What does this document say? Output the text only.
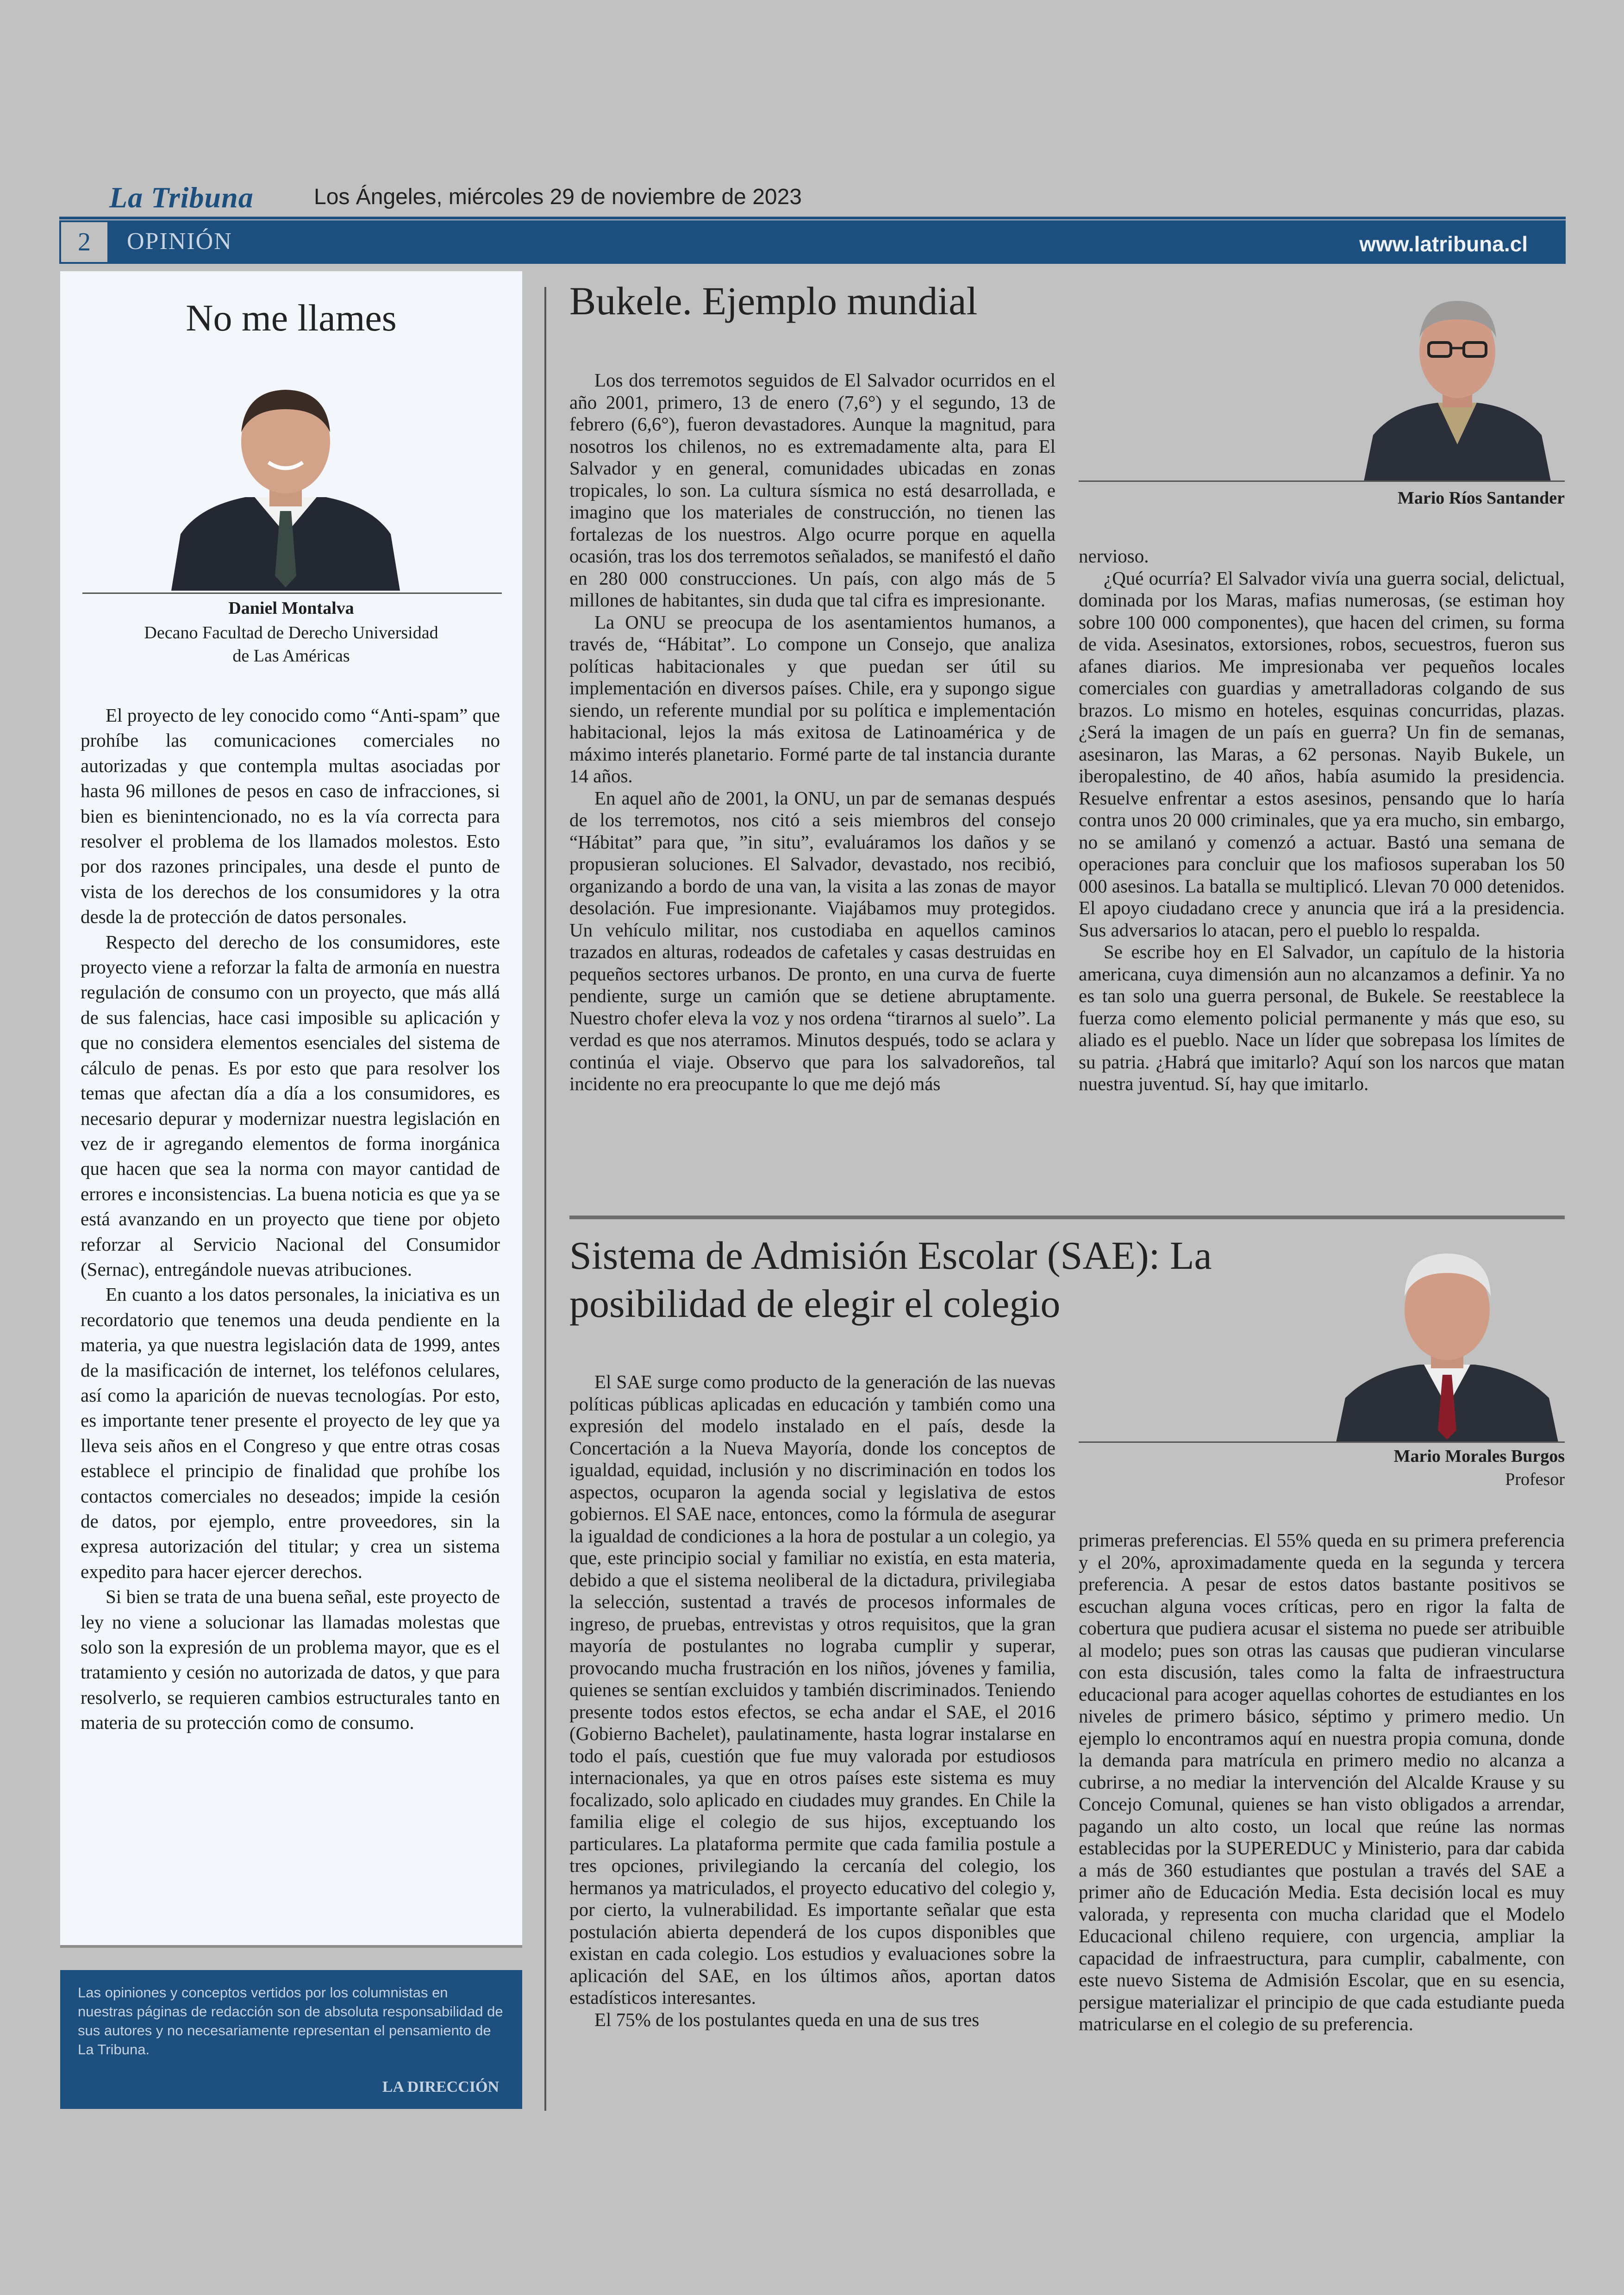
La Tribuna	Los Ángeles, miércoles 29 de noviembre de 2023
2	OPINIÓN	www.latribuna.cl
No me llames
Daniel Montalva
Decano Facultad de Derecho Universidad
de Las Américas

El proyecto de ley conocido como “Anti-spam” que prohíbe las comunicaciones comerciales no autorizadas y que contempla multas asociadas por hasta 96 millones de pesos en caso de infracciones, si bien es bienintencionado, no es la vía correcta para resolver el problema de los llamados molestos. Esto por dos razones principales, una desde el punto de vista de los derechos de los consumidores y la otra desde la de protección de datos personales.

Respecto del derecho de los consumidores, este proyecto viene a reforzar la falta de armonía en nuestra regulación de consumo con un proyecto, que más allá de sus falencias, hace casi imposible su aplicación y que no considera elementos esenciales del sistema de cálculo de penas. Es por esto que para resolver los temas que afectan día a día a los consumidores, es necesario depurar y modernizar nuestra legislación en vez de ir agregando elementos de forma inorgánica que hacen que sea la norma con mayor cantidad de errores e inconsistencias. La buena noticia es que ya se está avanzando en un proyecto que tiene por objeto reforzar al Servicio Nacional del Consumidor (Sernac), entregándole nuevas atribuciones.

En cuanto a los datos personales, la iniciativa es un recordatorio que tenemos una deuda pendiente en la materia, ya que nuestra legislación data de 1999, antes de la masificación de internet, los teléfonos celulares, así como la aparición de nuevas tecnologías. Por esto, es importante tener presente el proyecto de ley que ya lleva seis años en el Congreso y que entre otras cosas establece el principio de finalidad que prohíbe los contactos comerciales no deseados; impide la cesión de datos, por ejemplo, entre proveedores, sin la expresa autorización del titular; y crea un sistema expedito para hacer ejercer derechos.

Si bien se trata de una buena señal, este proyecto de ley no viene a solucionar las llamadas molestas que solo son la expresión de un problema mayor, que es el tratamiento y cesión no autorizada de datos, y que para resolverlo, se requieren cambios estructurales tanto en materia de su protección como de consumo.

Las opiniones y conceptos vertidos por los columnistas en nuestras páginas de redacción son de absoluta responsabilidad de sus autores y no necesariamente representan el pensamiento de La Tribuna.
LA DIRECCIÓN
Bukele. Ejemplo mundial
Mario Ríos Santander

Los dos terremotos seguidos de El Salvador ocurridos en el año 2001, primero, 13 de enero (7,6°) y el segundo, 13 de febrero (6,6°), fueron devastadores. Aunque la magnitud, para nosotros los chilenos, no es extremadamente alta, para El Salvador y en general, comunidades ubicadas en zonas tropicales, lo son. La cultura sísmica no está desarrollada, e imagino que los materiales de construcción, no tienen las fortalezas de los nuestros. Algo ocurre porque en aquella ocasión, tras los dos terremotos señalados, se manifestó el daño en 280 000 construcciones. Un país, con algo más de 5 millones de habitantes, sin duda que tal cifra es impresionante.

La ONU se preocupa de los asentamientos humanos, a través de, “Hábitat”. Lo compone un Consejo, que analiza políticas habitacionales y que puedan ser útil su implementación en diversos países. Chile, era y supongo sigue siendo, un referente mundial por su política e implementación habitacional, lejos la más exitosa de Latinoamérica y de máximo interés planetario. Formé parte de tal instancia durante 14 años.

En aquel año de 2001, la ONU, un par de semanas después de los terremotos, nos citó a seis miembros del consejo “Hábitat” para que, ”in situ”, evaluáramos los daños y se propusieran soluciones. El Salvador, devastado, nos recibió, organizando a bordo de una van, la visita a las zonas de mayor desolación. Fue impresionante. Viajábamos muy protegidos. Un vehículo militar, nos custodiaba en aquellos caminos trazados en alturas, rodeados de cafetales y casas destruidas en pequeños sectores urbanos. De pronto, en una curva de fuerte pendiente, surge un camión que se detiene abruptamente. Nuestro chofer eleva la voz y nos ordena “tirarnos al suelo”. La verdad es que nos aterramos. Minutos después, todo se aclara y continúa el viaje. Observo que para los salvadoreños, tal incidente no era preocupante lo que me dejó más

nervioso.

¿Qué ocurría? El Salvador vivía una guerra social, delictual, dominada por los Maras, mafias numerosas, (se estiman hoy sobre 100 000 componentes), que hacen del crimen, su forma de vida. Asesinatos, extorsiones, robos, secuestros, fueron sus afanes diarios. Me impresionaba ver pequeños locales comerciales con guardias y ametralladoras colgando de sus brazos. Lo mismo en hoteles, esquinas concurridas, plazas. ¿Será la imagen de un país en guerra? Un fin de semanas, asesinaron, las Maras, a 62 personas. Nayib Bukele, un iberopalestino, de 40 años, había asumido la presidencia. Resuelve enfrentar a estos asesinos, pensando que lo haría contra unos 20 000 criminales, que ya era mucho, sin embargo, no se amilanó y comenzó a actuar. Bastó una semana de operaciones para concluir que los mafiosos superaban los 50 000 asesinos. La batalla se multiplicó. Llevan 70 000 detenidos. El apoyo ciudadano crece y anuncia que irá a la presidencia. Sus adversarios lo atacan, pero el pueblo lo respalda.

Se escribe hoy en El Salvador, un capítulo de la historia americana, cuya dimensión aun no alcanzamos a definir. Ya no es tan solo una guerra personal, de Bukele. Se reestablece la fuerza como elemento policial permanente y más que eso, su aliado es el pueblo. Nace un líder que sobrepasa los límites de su patria. ¿Habrá que imitarlo? Aquí son los narcos que matan nuestra juventud. Sí, hay que imitarlo.

Sistema de Admisión Escolar (SAE): La posibilidad de elegir el colegio
Mario Morales Burgos
Profesor

El SAE surge como producto de la generación de las nuevas políticas públicas aplicadas en educación y también como una expresión del modelo instalado en el país, desde la Concertación a la Nueva Mayoría, donde los conceptos de igualdad, equidad, inclusión y no discriminación en todos los aspectos, ocuparon la agenda social y legislativa de estos gobiernos. El SAE nace, entonces, como la fórmula de asegurar la igualdad de condiciones a la hora de postular a un colegio, ya que, este principio social y familiar no existía, en esta materia, debido a que el sistema neoliberal de la dictadura, privilegiaba la selección, sustentad a través de procesos informales de ingreso, de pruebas, entrevistas y otros requisitos, que la gran mayoría de postulantes no lograba cumplir y superar, provocando mucha frustración en los niños, jóvenes y familia, quienes se sentían excluidos y también discriminados. Teniendo presente todos estos efectos, se echa andar el SAE, el 2016 (Gobierno Bachelet), paulatinamente, hasta lograr instalarse en todo el país, cuestión que fue muy valorada por estudiosos internacionales, ya que en otros países este sistema es muy focalizado, solo aplicado en ciudades muy grandes. En Chile la familia elige el colegio de sus hijos, exceptuando los particulares. La plataforma permite que cada familia postule a tres opciones, privilegiando la cercanía del colegio, los hermanos ya matriculados, el proyecto educativo del colegio y, por cierto, la vulnerabilidad. Es importante señalar que esta postulación abierta dependerá de los cupos disponibles que existan en cada colegio. Los estudios y evaluaciones sobre la aplicación del SAE, en los últimos años, aportan datos estadísticos interesantes.

El 75% de los postulantes queda en una de sus tres

primeras preferencias. El 55% queda en su primera preferencia y el 20%, aproximadamente queda en la segunda y tercera preferencia. A pesar de estos datos bastante positivos se escuchan alguna voces críticas, pero en rigor la falta de cobertura que pudiera acusar el sistema no puede ser atribuible al modelo; pues son otras las causas que pudieran vincularse con esta discusión, tales como la falta de infraestructura educacional para acoger aquellas cohortes de estudiantes en los niveles de primero básico, séptimo y primero medio. Un ejemplo lo encontramos aquí en nuestra propia comuna, donde la demanda para matrícula en primero medio no alcanza a cubrirse, a no mediar la intervención del Alcalde Krause y su Concejo Comunal, quienes se han visto obligados a arrendar, pagando un alto costo, un local que reúne las normas establecidas por la SUPEREDUC y Ministerio, para dar cabida a más de 360 estudiantes que postulan a través del SAE a primer año de Educación Media. Esta decisión local es muy valorada, y representa con mucha claridad que el Modelo Educacional chileno requiere, con urgencia, ampliar la capacidad de infraestructura, para cumplir, cabalmente, con este nuevo Sistema de Admisión Escolar, que en su esencia, persigue materializar el principio de que cada estudiante pueda matricularse en el colegio de su preferencia.
